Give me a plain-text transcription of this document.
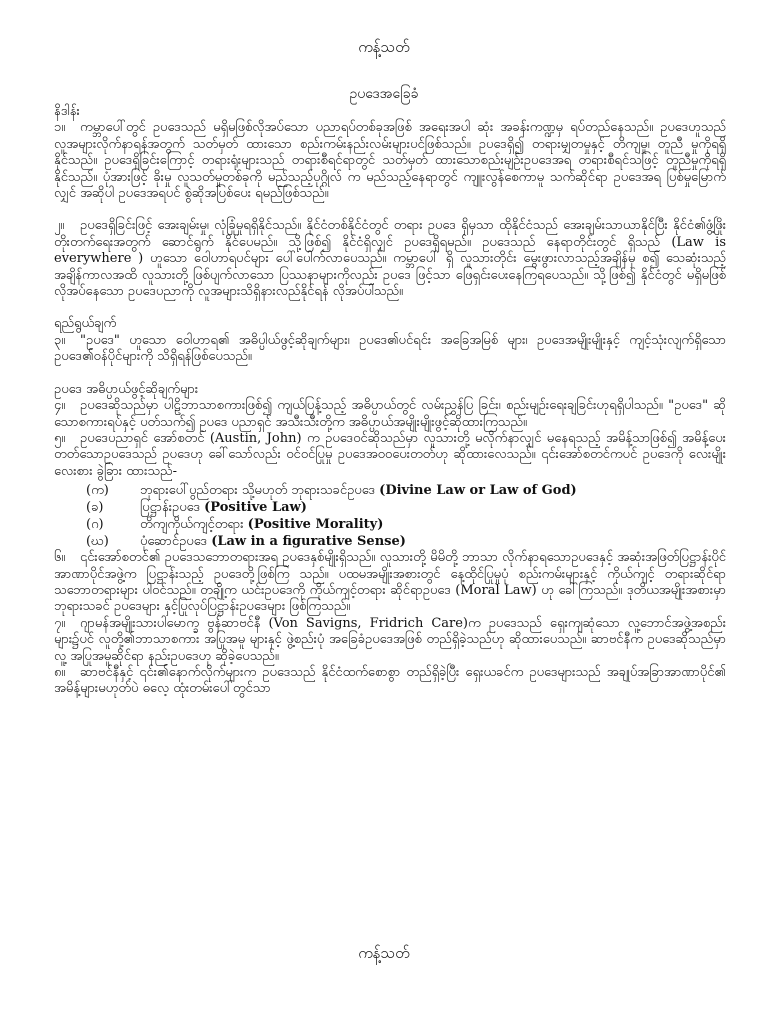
ကန့်သတ်
ဥပဒေအခြေခံ

နိဒါန်း

၁။ ကမ္ဘာပေါ်တွင် ဥပဒေသည် မရှိမဖြစ်လိုအပ်သော ပညာရပ်တစ်ခုအဖြစ် အရေးအပါ ဆုံး အခန်းကဏ္ဍမှ ရပ်တည်နေသည်။ ဥပဒေဟူသည် လူအများလိုက်နာရန်အတွက် သတ်မှတ် ထားသော စည်းကမ်းနည်းလမ်းများပင်ဖြစ်သည်။ ဥပဒေရှိ၍ တရားမျှတမှုနှင့် တိကျမှု၊ တူညီ မှုကိုရရှိနိုင်သည်။ ဥပဒေရှိခြင်းကြောင့် တရားရုံးများသည် တရားစီရင်ရာတွင် သတ်မှတ် ထားသောစည်းမျဉ်းဥပဒေအရ တရားစီရင်သဖြင့် တူညီမှုကိုရရှိနိုင်သည်။ ပုံအားဖြင့် ခိုးမှု လူသတ်မှုတစ်ခုကို မည်သည့်ပုဂ္ဂိုလ် က မည်သည့်နေရာတွင် ကျူးလွန်စေကာမူ သက်ဆိုင်ရာ ဥပဒေအရ ပြစ်မှုမြောက်လျှင် အဆိုပါ ဥပဒေအရပင် စွဲဆိုအပြစ်ပေး ရမည်ဖြစ်သည်။

၂။ ဥပဒေရှိခြင်းဖြင့် အေးချမ်းမှု၊ လုံခြုံမှုရရှိနိုင်သည်။ နိုင်ငံတစ်နိုင်ငံတွင် တရား ဥပဒေ ရှိမှသာ ထိုနိုင်ငံသည် အေးချမ်းသာယာနိုင်ပြီး နိုင်ငံ၏ဖွံ့ဖြိုးတိုးတက်ရေးအတွက် ဆောင်ရွက် နိုင်ပေမည်။ သို့ဖြစ်၍ နိုင်ငံရှိလျှင် ဥပဒေရှိရမည်။ ဥပဒေသည် နေရာတိုင်းတွင် ရှိသည် (Law is everywhere ) ဟူသော ဝေါဟာရပင်များ ပေါ်ပေါက်လာပေသည်။ ကမ္ဘာပေါ် ရှိ လူသားတိုင်း မွေးဖွားလာသည့်အချိန်မှ စ၍ သေဆုံးသည့်အချိန်ကာလအထိ လူသားတို့ ဖြစ်ပျက်လာသော ပြဿနာများကိုလည်း ဥပဒေ ဖြင့်သာ ဖြေရှင်းပေးနေကြရပေသည်။ သို့ဖြစ်၍ နိုင်ငံတွင် မရှိမဖြစ်လိုအပ်နေသော ဥပဒေပညာကို လူအများသိရှိနားလည်နိုင်ရန် လိုအပ်ပါသည်။

ရည်ရွယ်ချက်

၃။ "ဥပဒေ" ဟူသော ဝေါဟာရ၏ အဓိပ္ပါယ်ဖွင့်ဆိုချက်များ၊ ဥပဒေ၏ပင်ရင်း အခြေအမြစ် များ၊ ဥပဒေအမျိုးမျိုးနှင့် ကျင့်သုံးလျက်ရှိသော ဥပဒေ၏ဝန်ပိုင်များကို သိရှိရန်ဖြစ်ပေသည်။

ဥပဒေ အဓိပ္ပာယ်ဖွင့်ဆိုချက်များ

၄။ ဥပဒေဆိုသည်မှာ ပါဠိဘာသာစကားဖြစ်၍ ကျယ်ပြန့်သည့် အဓိပ္ပာယ်တွင် လမ်းညွှန်ပြ ခြင်း၊ စည်းမျဉ်းရေးချခြင်းဟုရရှိပါသည်။ "ဥပဒေ" ဆိုသောစကားရပ်နှင့် ပတ်သက်၍ ဥပဒေ ပညာရှင် အသီးသီးတို့က အဓိပ္ပာယ်အမျိုးမျိုးဖွင့်ဆိုထားကြသည်။

၅။ ဥပဒေပညာရှင် အော်စတင် (Austin, John) က ဥပဒေဝင်ဆိုသည်မှာ လူသားတို့ မလိုက်နာလျှင် မနေရသည့် အမိန့်သာဖြစ်၍ အမိန့်ပေးတတ်သောဥပဒေသည် ဥပဒေဟု ခေါ်သော်လည်း ဝင်ဝင်ပြုမှု ဥပဒေအဝဝပေးတတ်ဟု ဆိုထားလေသည်။ ၎င်းအော်စတင်ကပင် ဥပဒေကို လေးမျိုးလေးစား ခွဲခြား ထားသည်-

(က)	ဘုရားပေါ်ပွည်တရား သို့မဟုတ် ဘုရားသခင်ဥပဒေ (Divine Law or Law of God)
(ခ)	ပြဋ္ဌာန်းဥပဒေ (Positive Law)
(ဂ)	တိကျကိုယ်ကျင့်တရား (Positive Morality)
(ဃ)	ပုံဆောင်ဥပဒေ (Law in a figurative Sense)

၆။ ၎င်းအော်စတင်၏ ဥပဒေသဘောတရားအရ ဥပဒေနှစ်မျိုးရှိသည်။ လူသားတို့ မိမိတို့ ဘာသာ လိုက်နာရသောဥပဒေနှင့် အဆုံးအဖြတ်ပြဋ္ဌာန်းပိုင်အာဏာပိုင်အဖွဲ့က ပြဋ္ဌာန်းသည့် ဥပဒေတို့ဖြစ်ကြ သည်။ ပထမအမျိုးအစားတွင် နေ့ထိုင်ပြုမှုပုံ စည်းကမ်းများနှင့် ကိုယ်ကျင့် တရားဆိုင်ရာ သဘောတရားများ ပါဝင်သည်။ တချို့က ယင်းဥပဒေကို ကိုယ်ကျင့်တရား ဆိုင်ရာဥပဒေ (Moral Law) ဟု ခေါ်ကြသည်။ ဒုတိယအမျိုးအစားမှာ ဘုရားသခင် ဥပဒေများ နှင့်ပြုလုပ်ပြဋ္ဌာန်းဥပဒေများ ဖြစ်ကြသည်။

၇။ ဂျာမန်အမျိုးသားပါမောက္ခ ဗွန်ဆာဗင်နီ (Von Savigns, Fridrich Care)က ဥပဒေသည် ရှေးကျဆုံသော လူ့ဘောင်အဖွဲ့အစည်းများ၌ပင် လူတို့၏ဘာသာစကား အပြုအမူ များနှင့် ဖွဲ့စည်းပုံ အခြေခံဥပဒေအဖြစ် တည်ရှိခဲ့သည်ဟု ဆိုထားပေသည်။ ဆာဗင်နီက ဥပဒေဆိုသည်မှာ လူ့ အပြုအမူဆိုင်ရာ နည်းဥပဒေဟု ဆိုခဲ့ပေသည်။

၈။ ဆာဗင်နီနှင့် ၎င်း၏နောက်လိုက်များက ဥပဒေသည် နိုင်ငံထက်စောစွာ တည်ရှိခဲ့ပြီး ရှေးယခင်က ဥပဒေများသည် အချုပ်အခြာအာဏာပိုင်၏ အမိန့်များမဟုတ်ပဲ ဓလေ့ ထုံးတမ်းပေါ်တွင်သာ

ကန့်သတ်
